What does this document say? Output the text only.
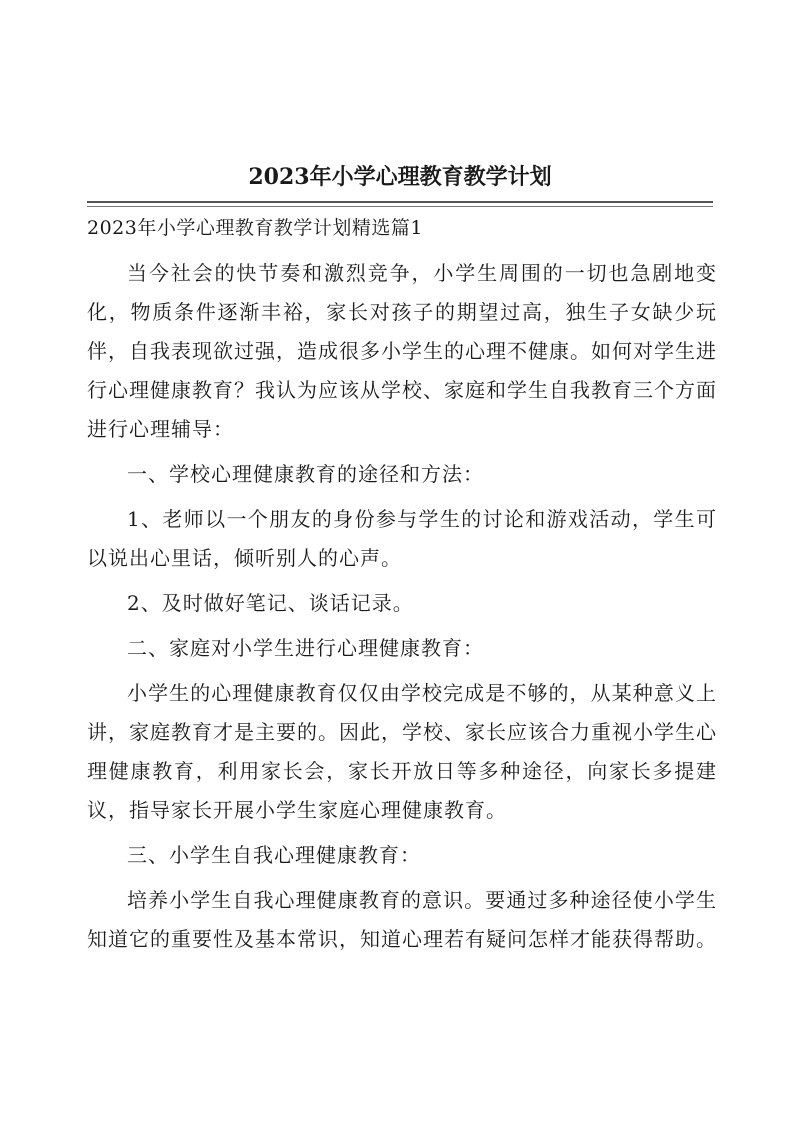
2023年小学心理教育教学计划
2023年小学心理教育教学计划精选篇1

当今社会的快节奏和激烈竞争，小学生周围的一切也急剧地变化，物质条件逐渐丰裕，家长对孩子的期望过高，独生子女缺少玩伴，自我表现欲过强，造成很多小学生的心理不健康。如何对学生进行心理健康教育？我认为应该从学校、家庭和学生自我教育三个方面进行心理辅导：

一、学校心理健康教育的途径和方法：

1、老师以一个朋友的身份参与学生的讨论和游戏活动，学生可以说出心里话，倾听别人的心声。

2、及时做好笔记、谈话记录。

二、家庭对小学生进行心理健康教育：

小学生的心理健康教育仅仅由学校完成是不够的，从某种意义上讲，家庭教育才是主要的。因此，学校、家长应该合力重视小学生心理健康教育，利用家长会，家长开放日等多种途径，向家长多提建议，指导家长开展小学生家庭心理健康教育。

三、小学生自我心理健康教育：

培养小学生自我心理健康教育的意识。要通过多种途径使小学生知道它的重要性及基本常识，知道心理若有疑问怎样才能获得帮助。
